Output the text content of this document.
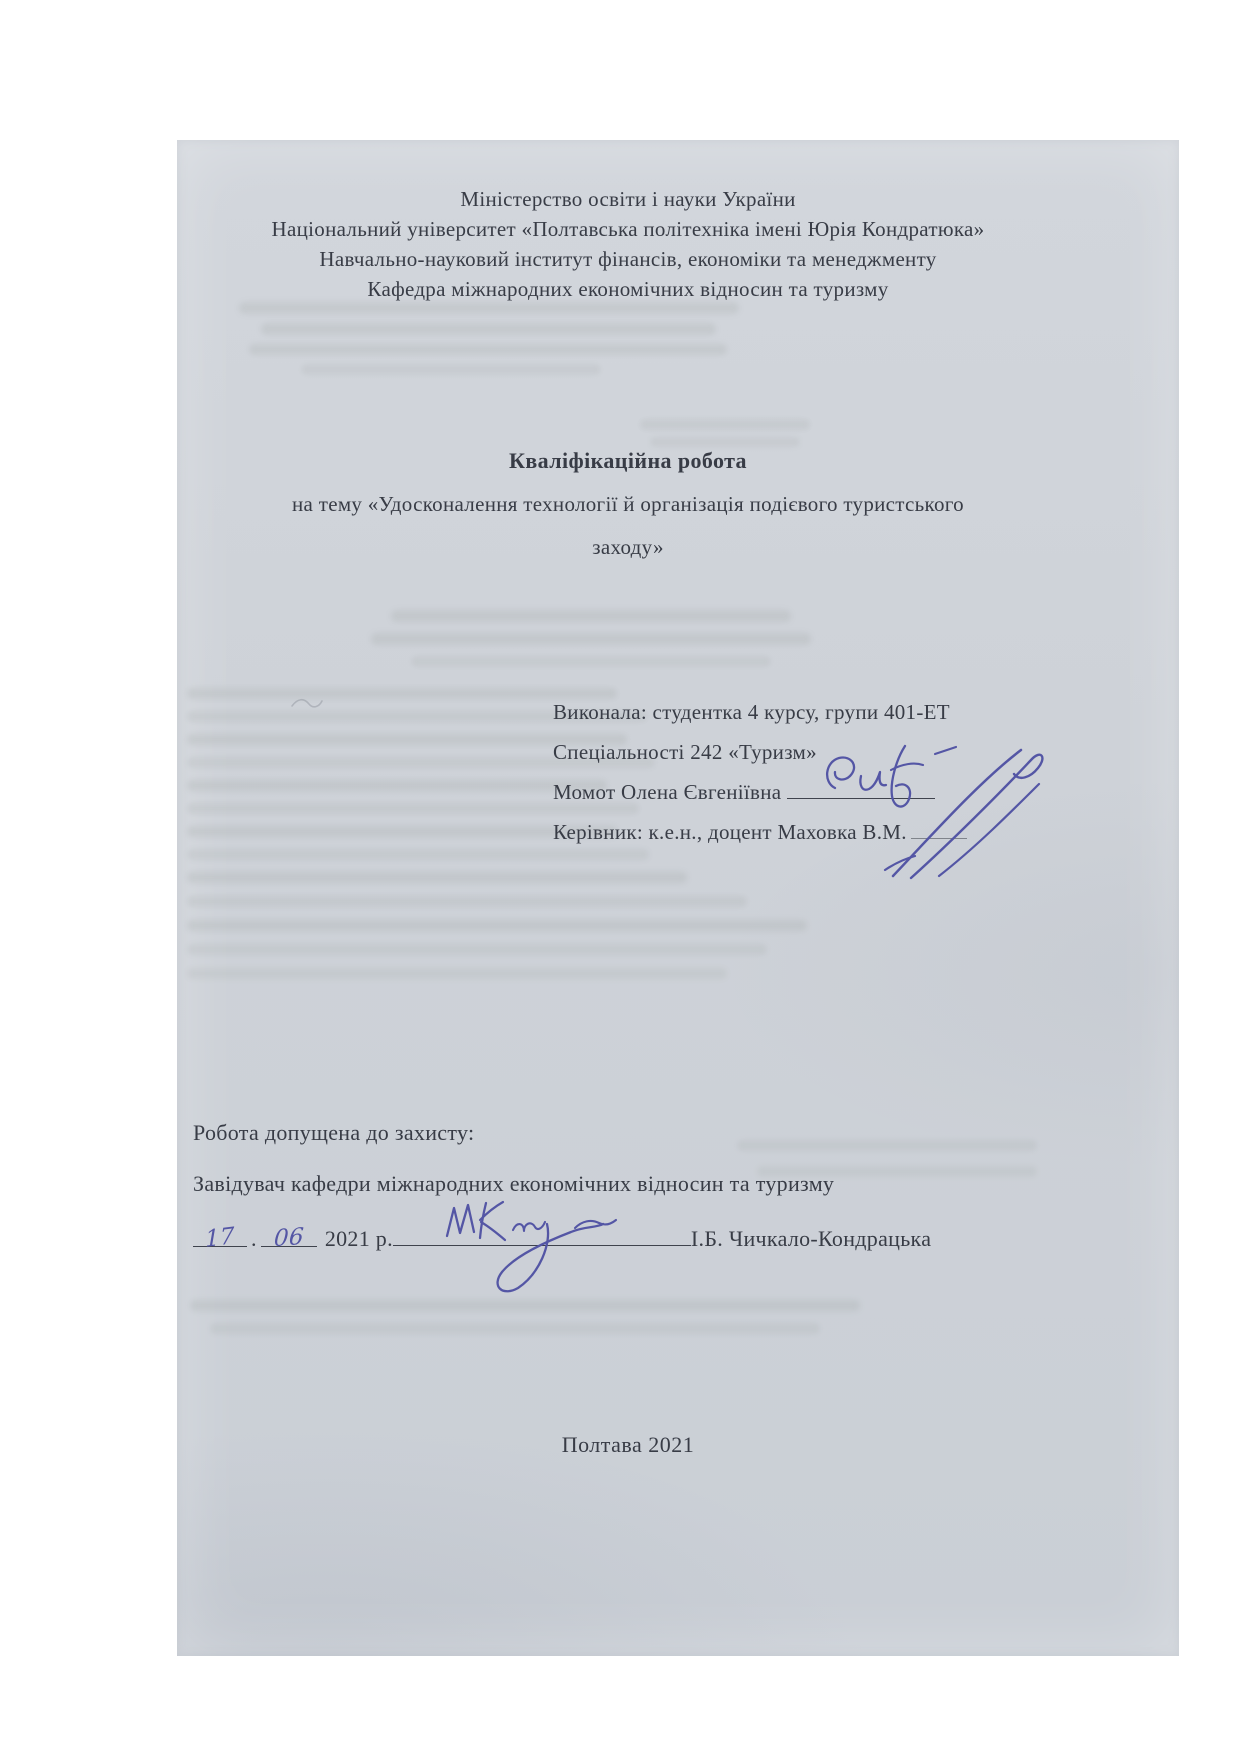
Міністерство освіти і науки України
Національний університет «Полтавська політехніка імені Юрія Кондратюка»
Навчально-науковий інститут фінансів, економіки та менеджменту
Кафедра міжнародних економічних відносин та туризму
Кваліфікаційна робота
на тему «Удосконалення технології й організація подієвого туристського
заходу»
Виконала: студентка 4 курсу, групи 401-ЕТ
Спеціальності 242 «Туризм»
Момот Олена Євгеніївна
Керівник: к.е.н., доцент Маховка В.М.
Робота допущена до захисту:
Завідувач кафедри міжнародних економічних відносин та туризму
17 . 06 2021 р.	І.Б. Чичкало-Кондрацька
Полтава 2021
